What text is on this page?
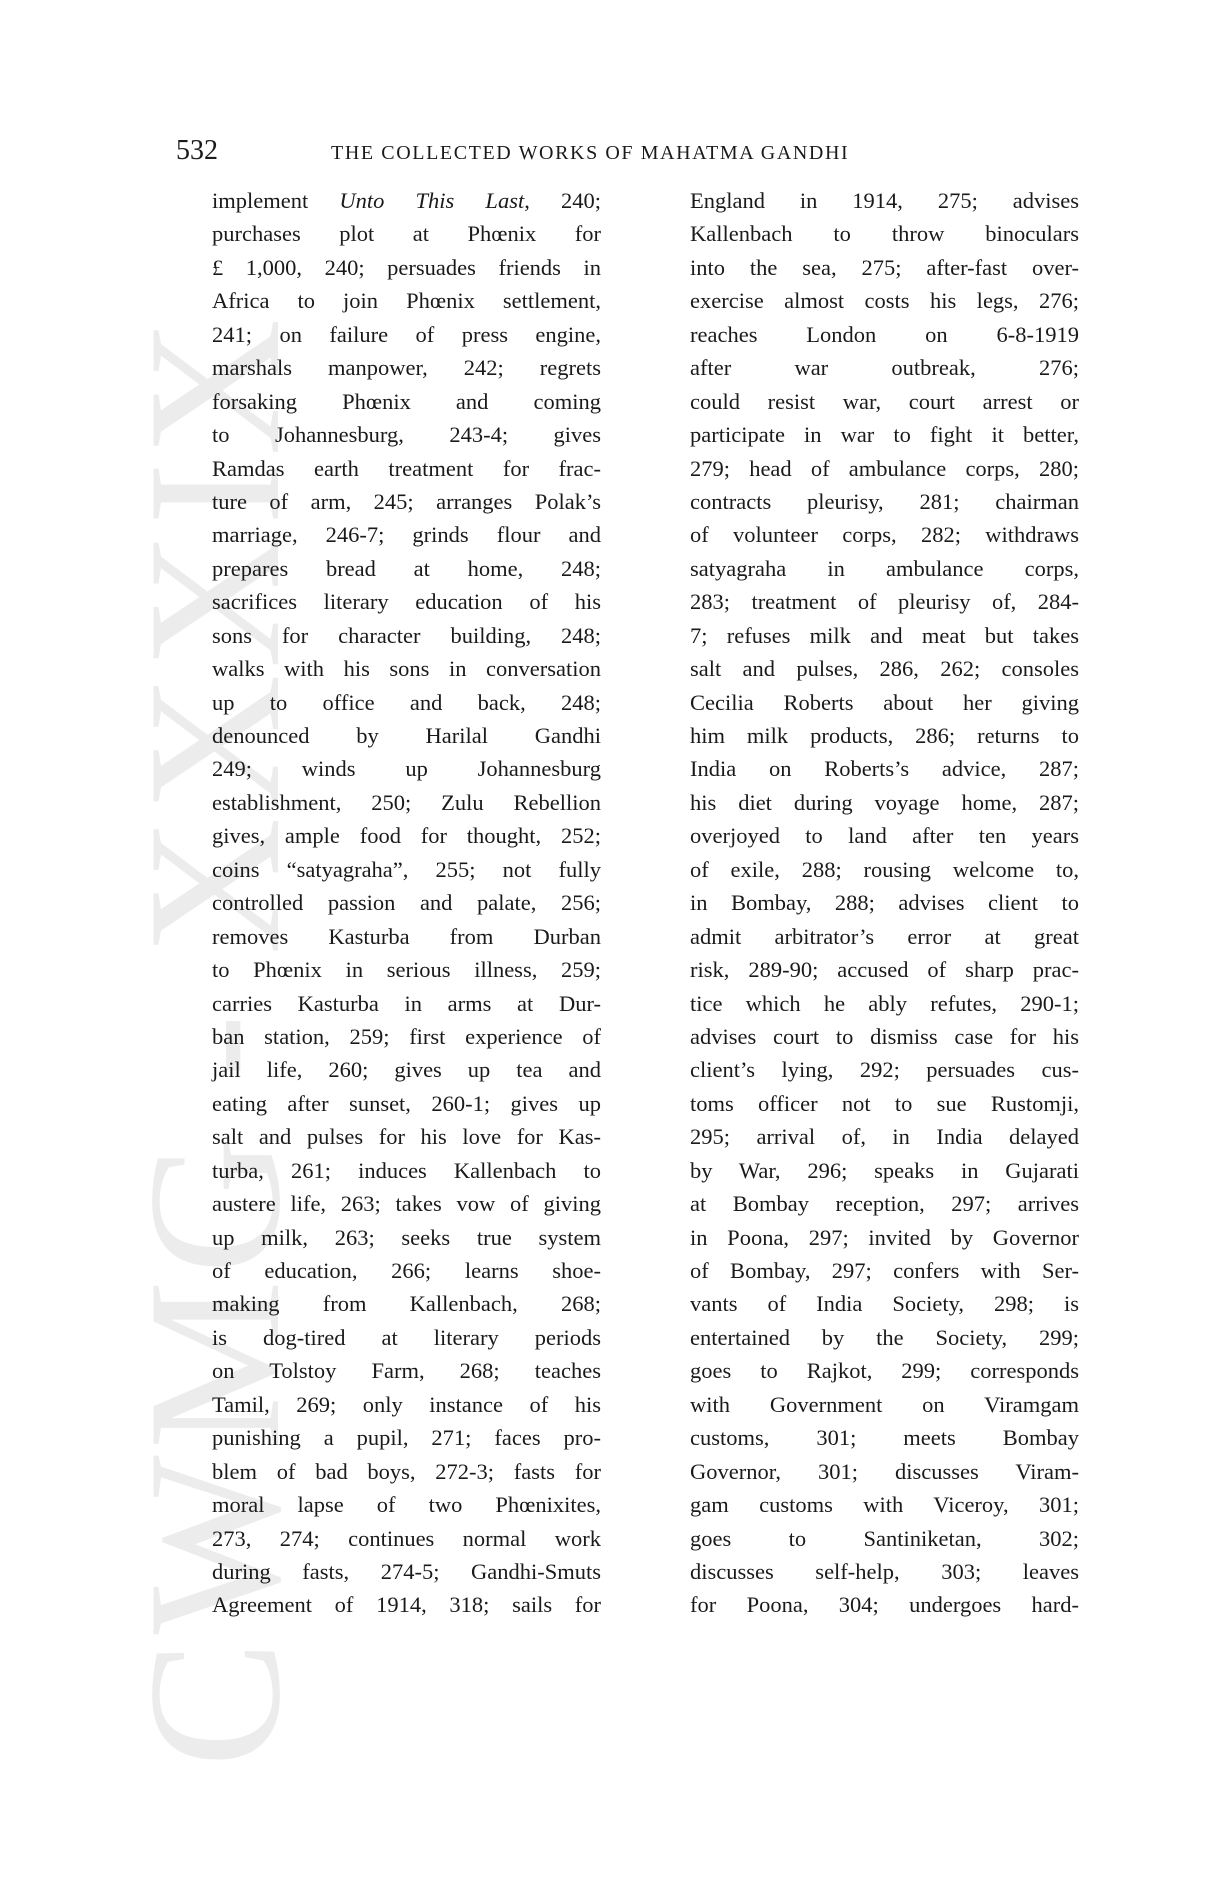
CWMG - XXXIX
532	THE COLLECTED WORKS OF MAHATMA GANDHI
implement Unto This Last, 240;
purchases plot at Phœnix for
£ 1,000, 240; persuades friends in
Africa to join Phœnix settlement,
241; on failure of press engine,
marshals manpower, 242; regrets
forsaking Phœnix and coming
to Johannesburg, 243-4; gives
Ramdas earth treatment for frac-
ture of arm, 245; arranges Polak’s
marriage, 246-7; grinds flour and
prepares bread at home, 248;
sacrifices literary education of his
sons for character building, 248;
walks with his sons in conversation
up to office and back, 248;
denounced by Harilal Gandhi
249; winds up Johannesburg
establishment, 250; Zulu Rebellion
gives, ample food for thought, 252;
coins “satyagraha”, 255; not fully
controlled passion and palate, 256;
removes Kasturba from Durban
to Phœnix in serious illness, 259;
carries Kasturba in arms at Dur-
ban station, 259; first experience of
jail life, 260; gives up tea and
eating after sunset, 260-1; gives up
salt and pulses for his love for Kas-
turba, 261; induces Kallenbach to
austere life, 263; takes vow of giving
up milk, 263; seeks true system
of education, 266; learns shoe-
making from Kallenbach, 268;
is dog-tired at literary periods
on Tolstoy Farm, 268; teaches
Tamil, 269; only instance of his
punishing a pupil, 271; faces pro-
blem of bad boys, 272-3; fasts for
moral lapse of two Phœnixites,
273, 274; continues normal work
during fasts, 274-5; Gandhi-Smuts
Agreement of 1914, 318; sails for
England in 1914, 275; advises
Kallenbach to throw binoculars
into the sea, 275; after-fast over-
exercise almost costs his legs, 276;
reaches London on 6-8-1919
after war outbreak, 276;
could resist war, court arrest or
participate in war to fight it better,
279; head of ambulance corps, 280;
contracts pleurisy, 281; chairman
of volunteer corps, 282; withdraws
satyagraha in ambulance corps,
283; treatment of pleurisy of, 284-
7; refuses milk and meat but takes
salt and pulses, 286, 262; consoles
Cecilia Roberts about her giving
him milk products, 286; returns to
India on Roberts’s advice, 287;
his diet during voyage home, 287;
overjoyed to land after ten years
of exile, 288; rousing welcome to,
in Bombay, 288; advises client to
admit arbitrator’s error at great
risk, 289-90; accused of sharp prac-
tice which he ably refutes, 290-1;
advises court to dismiss case for his
client’s lying, 292; persuades cus-
toms officer not to sue Rustomji,
295; arrival of, in India delayed
by War, 296; speaks in Gujarati
at Bombay reception, 297; arrives
in Poona, 297; invited by Governor
of Bombay, 297; confers with Ser-
vants of India Society, 298; is
entertained by the Society, 299;
goes to Rajkot, 299; corresponds
with Government on Viramgam
customs, 301; meets Bombay
Governor, 301; discusses Viram-
gam customs with Viceroy, 301;
goes to Santiniketan, 302;
discusses self-help, 303; leaves
for Poona, 304; undergoes hard-
